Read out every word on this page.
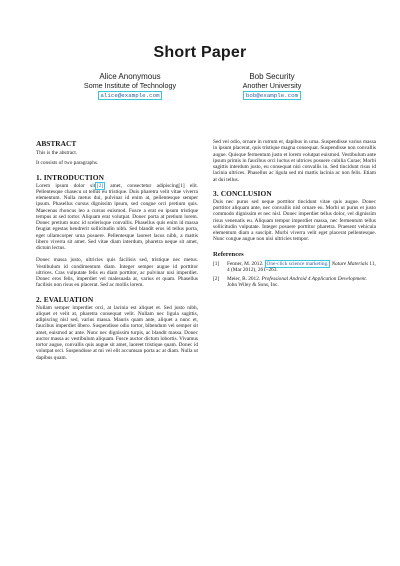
Short Paper
Alice Anonymous
Some Institute of Technology
alice@example.com
Bob Security
Another University
bob@example.com
ABSTRACT

This is the abstract.

It consists of two paragraphs.

1. INTRODUCTION

Lorem ipsum dolor sit [2] amet, consectetur adipiscing[1] elit. Pellentesque chasecu ut tellus eu tristique. Duis pharetra velit vitae viverra elementum. Nulla metus dui, pulvinar id enim at, pellentesque semper ipsum. Phasellus cursus dignissim ipsum, sed congue orci pretium quis. Maecenas rhoncus leo a cursus euismod. Fusce a erat eu ipsum tristique tempus at sed tortor. Aliquam erat volutpat. Donec porta at pretium lorem. Donec pretium nunc id scelerisque convallis. Phasellus quis enim id massa feugiat egestas hendrerit sollicitudin nibh. Sed blandit eros id tellus porta, eget ullamcorper urna posuere. Pellentesque laoreet lacus nibh, a mattis libero viverra sit amet. Sed vitae diam interdum, pharetra neque sit amet, dictum lectus.

Donec massa justo, ultricies quis facilisis sed, tristique nec metus. Vestibulum id condimentum diam. Integer semper augue id porttitor ultrices. Cras vulputate felis eu diam porttitor, ac pulvinar nisi imperdiet. Donec eros felis, imperdiet vel malesuada at, varius et quam. Phasellus facilisis non risus eu placerat. Sed ac mollis lorem.

2. EVALUATION

Nullam semper imperdiet orci, at lacinia est aliquet et. Sed justo nibh, aliquet et velit at, pharetra consequat velit. Nullam nec ligula sagittis, adipiscing nisl sed, varius massa. Mauris quam ante, aliquet a nunc et, faucibus imperdiet libero. Suspendisse odio tortor, bibendum vel semper sit amet, euismod ac ante. Nunc nec dignissim turpis, ac blandit massa. Donec auctor massa ac vestibulum aliquam. Fusce auctor dictum lobortis. Vivamus tortor augue, convallis quis augue sit amet, laoreet tristique quam. Donec id volutpat orci. Suspendisse at mi vel elit accumsan porta ac at diam. Nulla ut dapibus quam.

Sed vel odio, ornare in rutrum et, dapibus in urna. Suspendisse varius massa in ipsum placerat, quis tristique magna consequat. Suspendisse non convallis augue. Quisque fermentum justo et lorem volutpat euismod. Vestibulum ante ipsum primis in faucibus orci luctus et ultrices posuere cubilia Curae; Morbi sagittis interdum justo, eu consequat nisi convallis in. Sed tincidunt risus id lacinia ultrices. Phasellus ac ligula sed mi mattis lacinia ac non felis. Etiam at dui tellus.

3. CONCLUSION

Duis nec purus sed neque porttitor tincidunt vitae quis augue. Donec porttitor aliquam ante, nec convallis nisl ornare eu. Morbi ut purus et justo commodo dignissim et nec nisl. Donec imperdiet tellus dolor, vel dignissim risus venenatis eu. Aliquam tempor imperdiet massa, nec fermentum tellus sollicitudin vulputate. Integer posuere porttitor pharetra. Praesent vehicula elementum diam a suscipit. Morbi viverra velit eget placerat pellentesque. Nunc congue augue non nisi ultricies tempor.

References
[1]	Fenner, M. 2012. One-click science marketing. Nature Materials 11, 4 (Mar 2012), 261–263.
[2]	Meier, R. 2012. Professional Android 4 Application Development. John Wiley & Sons, Inc.
